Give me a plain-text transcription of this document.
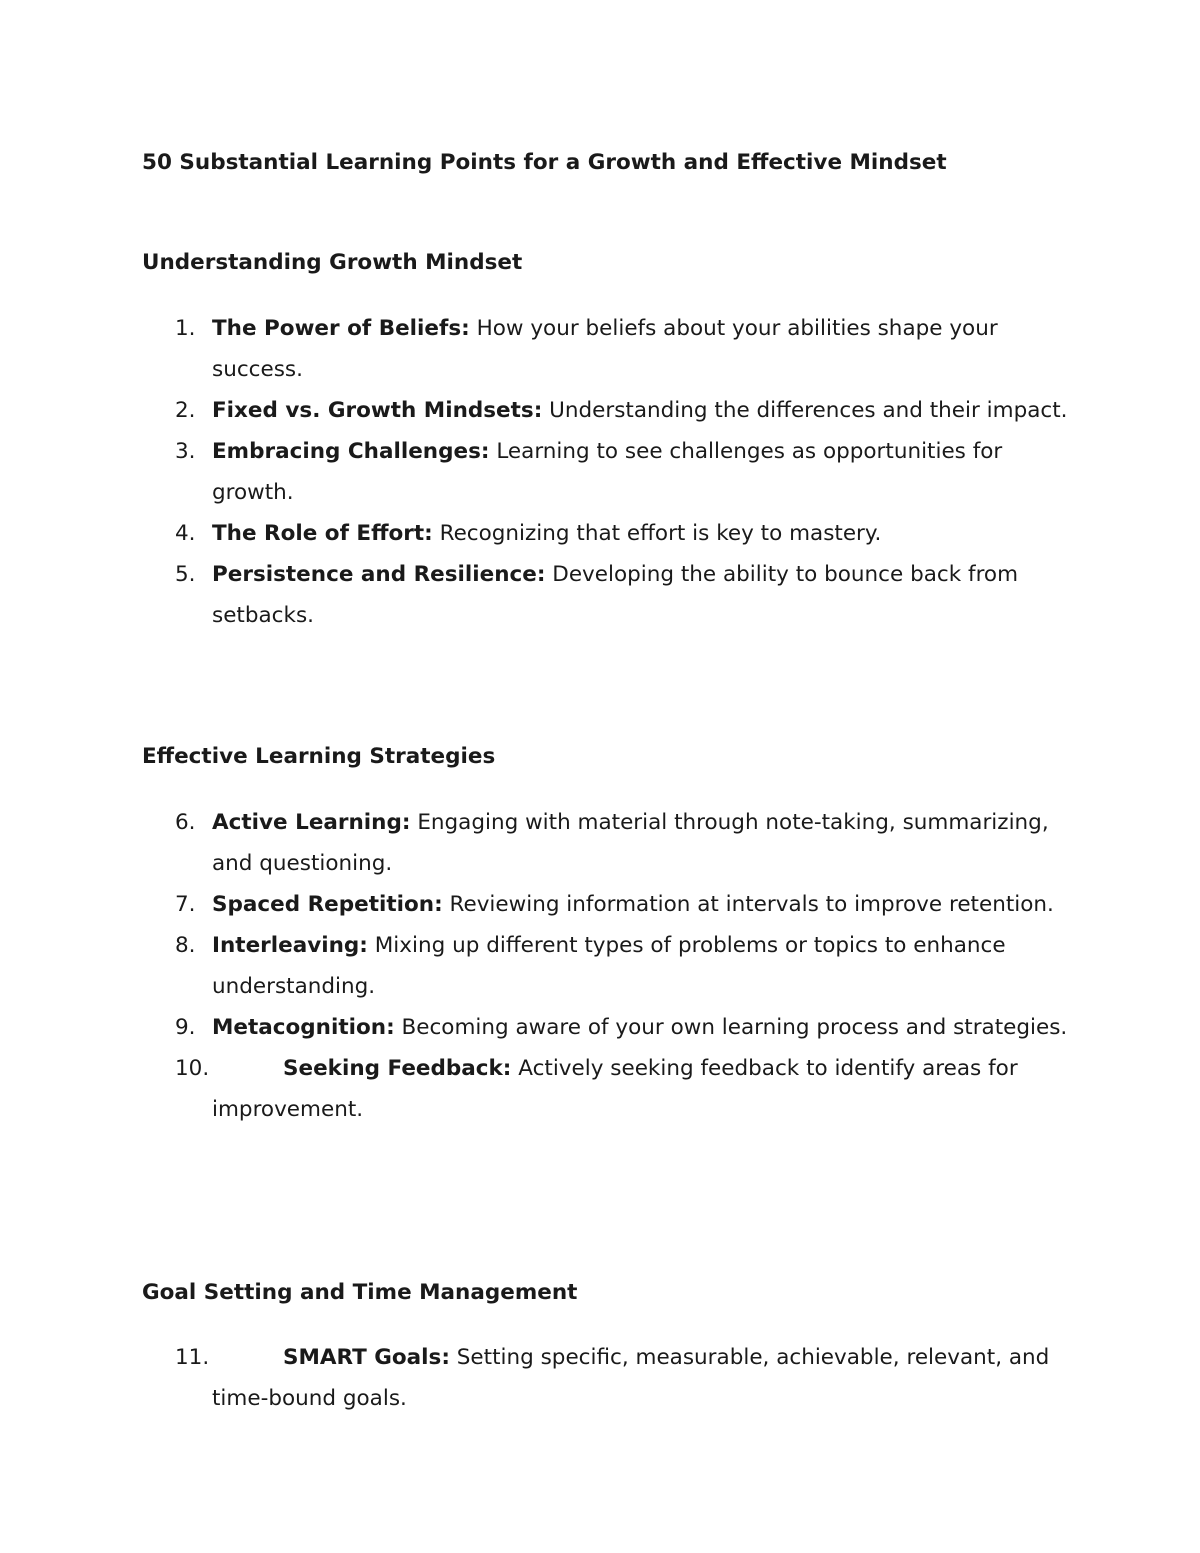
50 Substantial Learning Points for a Growth and Effective Mindset
Understanding Growth Mindset
1. The Power of Beliefs: How your beliefs about your abilities shape your success.
2. Fixed vs. Growth Mindsets: Understanding the differences and their impact.
3. Embracing Challenges: Learning to see challenges as opportunities for growth.
4. The Role of Effort: Recognizing that effort is key to mastery.
5. Persistence and Resilience: Developing the ability to bounce back from setbacks.
Effective Learning Strategies
6. Active Learning: Engaging with material through note-taking, summarizing, and questioning.
7. Spaced Repetition: Reviewing information at intervals to improve retention.
8. Interleaving: Mixing up different types of problems or topics to enhance understanding.
9. Metacognition: Becoming aware of your own learning process and strategies.
10.	Seeking Feedback: Actively seeking feedback to identify areas for improvement.
Goal Setting and Time Management
11.	SMART Goals: Setting specific, measurable, achievable, relevant, and time-bound goals.
